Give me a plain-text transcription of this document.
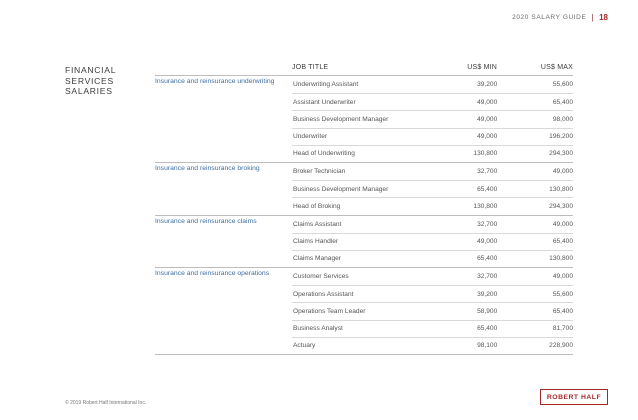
2020 SALARY GUIDE | 18
FINANCIAL
SERVICES
SALARIES
JOB TITLE	US$ MIN	US$ MAX
Insurance and reinsurance underwriting	Underwriting Assistant	39,200	55,600
Assistant Underwriter	49,000	65,400
Business Development Manager	49,000	98,000
Underwriter	49,000	196,200
Head of Underwriting	130,800	294,300
Insurance and reinsurance broking	Broker Technician	32,700	49,000
Business Development Manager	65,400	130,800
Head of Broking	130,800	294,300
Insurance and reinsurance claims	Claims Assistant	32,700	49,000
Claims Handler	49,000	65,400
Claims Manager	65,400	130,800
Insurance and reinsurance operations	Customer Services	32,700	49,000
Operations Assistant	39,200	55,600
Operations Team Leader	58,900	65,400
Business Analyst	65,400	81,700
Actuary	98,100	228,900
© 2019 Robert Half International Inc.
ROBERT HALF
